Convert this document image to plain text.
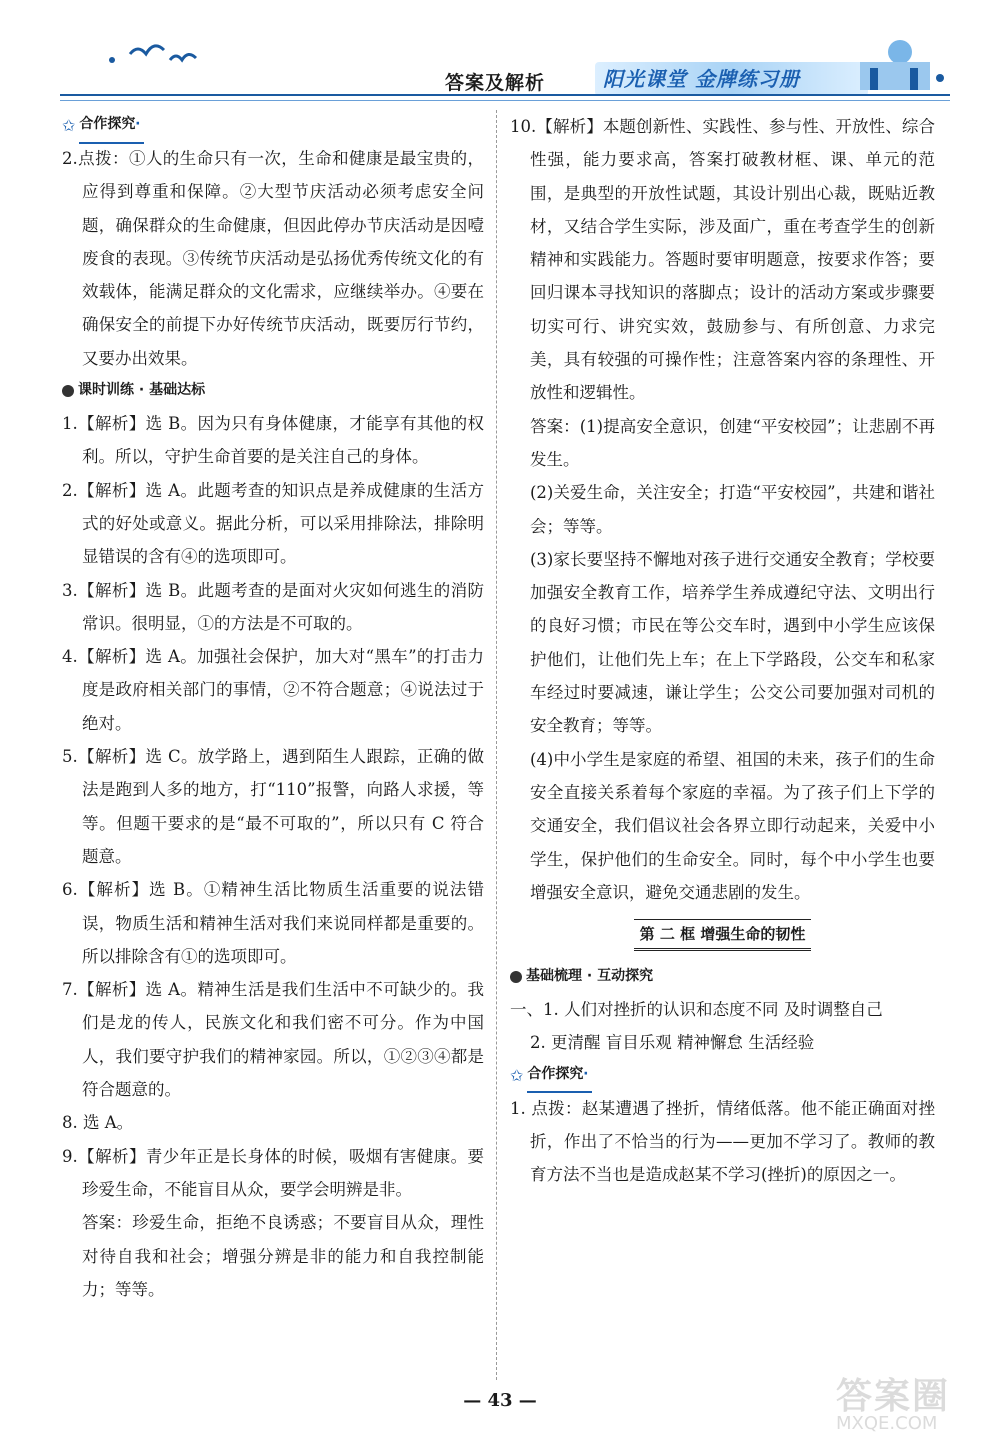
答案及解析	阳光课堂 金牌练习册
✩ 合作探究 ‧

2.点拨：①人的生命只有一次，生命和健康是最宝贵的，应得到尊重和保障。②大型节庆活动必须考虑安全问题，确保群众的生命健康，但因此停办节庆活动是因噎废食的表现。③传统节庆活动是弘扬优秀传统文化的有效载体，能满足群众的文化需求，应继续举办。④要在确保安全的前提下办好传统节庆活动，既要厉行节约，又要办出效果。

课时训练 · 基础达标

1.【解析】选 B。因为只有身体健康，才能享有其他的权利。所以，守护生命首要的是关注自己的身体。

2.【解析】选 A。此题考查的知识点是养成健康的生活方式的好处或意义。据此分析，可以采用排除法，排除明显错误的含有④的选项即可。

3.【解析】选 B。此题考查的是面对火灾如何逃生的消防常识。很明显，①的方法是不可取的。

4.【解析】选 A。加强社会保护，加大对“黑车”的打击力度是政府相关部门的事情，②不符合题意；④说法过于绝对。

5.【解析】选 C。放学路上，遇到陌生人跟踪，正确的做法是跑到人多的地方，打“110”报警，向路人求援，等等。但题干要求的是“最不可取的”，所以只有 C 符合题意。

6.【解析】选 B。①精神生活比物质生活重要的说法错误，物质生活和精神生活对我们来说同样都是重要的。所以排除含有①的选项即可。

7.【解析】选 A。精神生活是我们生活中不可缺少的。我们是龙的传人，民族文化和我们密不可分。作为中国人，我们要守护我们的精神家园。所以，①②③④都是符合题意的。

8. 选 A。

9.【解析】青少年正是长身体的时候，吸烟有害健康。要珍爱生命，不能盲目从众，要学会明辨是非。

答案：珍爱生命，拒绝不良诱惑；不要盲目从众，理性对待自我和社会；增强分辨是非的能力和自我控制能力；等等。

10.【解析】本题创新性、实践性、参与性、开放性、综合性强，能力要求高，答案打破教材框、课、单元的范围，是典型的开放性试题，其设计别出心裁，既贴近教材，又结合学生实际，涉及面广，重在考查学生的创新精神和实践能力。答题时要审明题意，按要求作答；要回归课本寻找知识的落脚点；设计的活动方案或步骤要切实可行、讲究实效，鼓励参与、有所创意、力求完美，具有较强的可操作性；注意答案内容的条理性、开放性和逻辑性。

答案：(1)提高安全意识，创建“平安校园”；让悲剧不再发生。

(2)关爱生命，关注安全；打造“平安校园”，共建和谐社会；等等。

(3)家长要坚持不懈地对孩子进行交通安全教育；学校要加强安全教育工作，培养学生养成遵纪守法、文明出行的良好习惯；市民在等公交车时，遇到中小学生应该保护他们，让他们先上车；在上下学路段，公交车和私家车经过时要减速，谦让学生；公交公司要加强对司机的安全教育；等等。

(4)中小学生是家庭的希望、祖国的未来，孩子们的生命安全直接关系着每个家庭的幸福。为了孩子们上下学的交通安全，我们倡议社会各界立即行动起来，关爱中小学生，保护他们的生命安全。同时，每个中小学生也要增强安全意识，避免交通悲剧的发生。

第 二 框 增强生命的韧性
基础梳理 · 互动探究

一、1. 人们对挫折的认识和态度不同 及时调整自己

2. 更清醒 盲目乐观 精神懈怠 生活经验

✩ 合作探究 ‧

1. 点拨：赵某遭遇了挫折，情绪低落。他不能正确面对挫折，作出了不恰当的行为——更加不学习了。教师的教育方法不当也是造成赵某不学习(挫折)的原因之一。

— 43 —	答案圈
MXQE.COM
